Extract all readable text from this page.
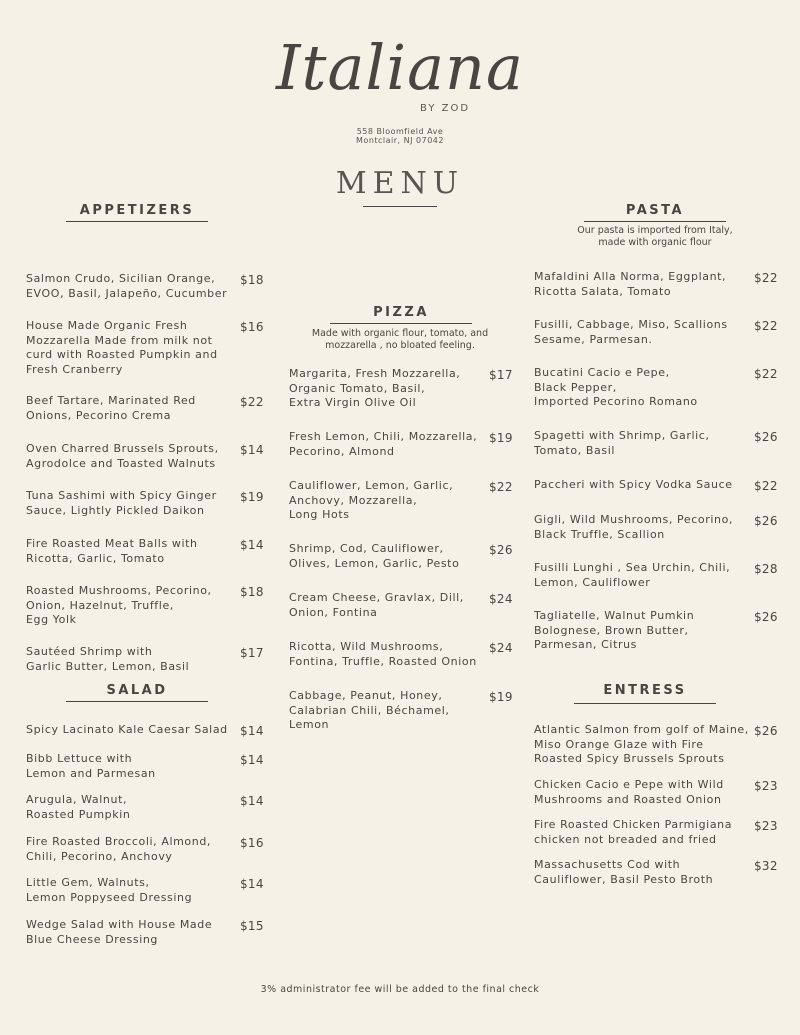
Italiana
BY ZOD
558 Bloomfield Ave
Montclair, NJ 07042
MENU
APPETIZERS
PIZZA
Made with organic flour, tomato, and
mozzarella , no bloated feeling.
PASTA
Our pasta is imported from Italy,
made with organic flour
SALAD	ENTRESS
3% administrator fee will be added to the final check
Salmon Crudo, Sicilian Orange,
EVOO, Basil, Jalapeño, Cucumber
$18
House Made Organic Fresh
Mozzarella Made from milk not
curd with Roasted Pumpkin and
Fresh Cranberry
$16
Beef Tartare, Marinated Red
Onions, Pecorino Crema
$22
Oven Charred Brussels Sprouts,
Agrodolce and Toasted Walnuts
$14
Tuna Sashimi with Spicy Ginger
Sauce, Lightly Pickled Daikon
$19
Fire Roasted Meat Balls with
Ricotta, Garlic, Tomato
$14
Roasted Mushrooms, Pecorino,
Onion, Hazelnut, Truffle,
Egg Yolk
$18
Sautéed Shrimp with
Garlic Butter, Lemon, Basil
$17
Spicy Lacinato Kale Caesar Salad $14
Bibb Lettuce with
Lemon and Parmesan
$14
Arugula, Walnut,
Roasted Pumpkin
$14
Fire Roasted Broccoli, Almond,
Chili, Pecorino, Anchovy
$16
Little Gem, Walnuts,
Lemon Poppyseed Dressing
$14
Wedge Salad with House Made
Blue Cheese Dressing
$15
Margarita, Fresh Mozzarella,
Organic Tomato, Basil,
Extra Virgin Olive Oil
$17
Fresh Lemon, Chili, Mozzarella,
Pecorino, Almond
$19
Cauliflower, Lemon, Garlic,
Anchovy, Mozzarella,
Long Hots
$22
Shrimp, Cod, Cauliflower,
Olives, Lemon, Garlic, Pesto
$26
Cream Cheese, Gravlax, Dill,
Onion, Fontina
$24
Ricotta, Wild Mushrooms,
Fontina, Truffle, Roasted Onion
$24
Cabbage, Peanut, Honey,
Calabrian Chili, Béchamel,
Lemon
$19
Mafaldini Alla Norma, Eggplant,
Ricotta Salata, Tomato
$22
Fusilli, Cabbage, Miso, Scallions
Sesame, Parmesan.
$22
Bucatini Cacio e Pepe,
Black Pepper,
Imported Pecorino Romano
$22
Spagetti with Shrimp, Garlic,
Tomato, Basil
$26
Paccheri with Spicy Vodka Sauce $22
Gigli, Wild Mushrooms, Pecorino,
Black Truffle, Scallion
$26
Fusilli Lunghi , Sea Urchin, Chili,
Lemon, Cauliflower
$28
Tagliatelle, Walnut Pumkin
Bolognese, Brown Butter,
Parmesan, Citrus
$26
Atlantic Salmon from golf of Maine,
Miso Orange Glaze with Fire
Roasted Spicy Brussels Sprouts
$26
Chicken Cacio e Pepe with Wild
Mushrooms and Roasted Onion
$23
Fire Roasted Chicken Parmigiana
chicken not breaded and fried
$23
Massachusetts Cod with
Cauliflower, Basil Pesto Broth
$32
